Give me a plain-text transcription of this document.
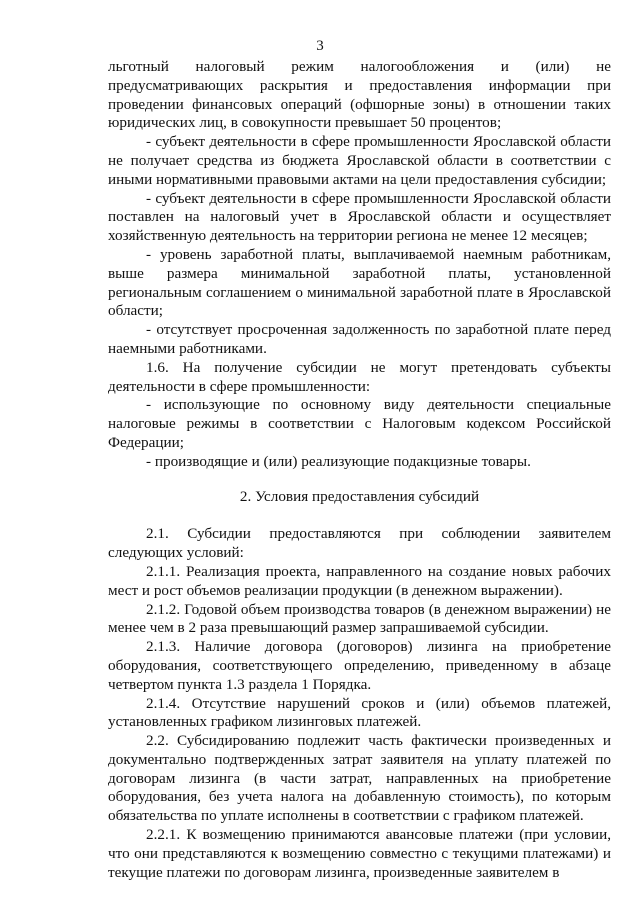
3

льготный налоговый режим налогообложения и (или) не предусматривающих раскрытия и предоставления информации при проведении финансовых операций (офшорные зоны) в отношении таких юридических лиц, в совокупности превышает 50 процентов;

- субъект деятельности в сфере промышленности Ярославской области не получает средства из бюджета Ярославской области в соответствии с иными нормативными правовыми актами на цели предоставления субсидии;

- субъект деятельности в сфере промышленности Ярославской области поставлен на налоговый учет в Ярославской области и осуществляет хозяйственную деятельность на территории региона не менее 12 месяцев;

- уровень заработной платы, выплачиваемой наемным работникам, выше размера минимальной заработной платы, установленной региональным соглашением о минимальной заработной плате в Ярославской области;

- отсутствует просроченная задолженность по заработной плате перед наемными работниками.

1.6. На получение субсидии не могут претендовать субъекты деятельности в сфере промышленности:

- использующие по основному виду деятельности специальные налоговые режимы в соответствии с Налоговым кодексом Российской Федерации;

- производящие и (или) реализующие подакцизные товары.

2. Условия предоставления субсидий

2.1. Субсидии предоставляются при соблюдении заявителем следующих условий:

2.1.1. Реализация проекта, направленного на создание новых рабочих мест и рост объемов реализации продукции (в денежном выражении).

2.1.2. Годовой объем производства товаров (в денежном выражении) не менее чем в 2 раза превышающий размер запрашиваемой субсидии.

2.1.3. Наличие договора (договоров) лизинга на приобретение оборудования, соответствующего определению, приведенному в абзаце четвертом пункта 1.3 раздела 1 Порядка.

2.1.4. Отсутствие нарушений сроков и (или) объемов платежей, установленных графиком лизинговых платежей.

2.2. Субсидированию подлежит часть фактически произведенных и документально подтвержденных затрат заявителя на уплату платежей по договорам лизинга (в части затрат, направленных на приобретение оборудования, без учета налога на добавленную стоимость), по которым обязательства по уплате исполнены в соответствии с графиком платежей.

2.2.1. К возмещению принимаются авансовые платежи (при условии, что они представляются к возмещению совместно с текущими платежами) и текущие платежи по договорам лизинга, произведенные заявителем в
